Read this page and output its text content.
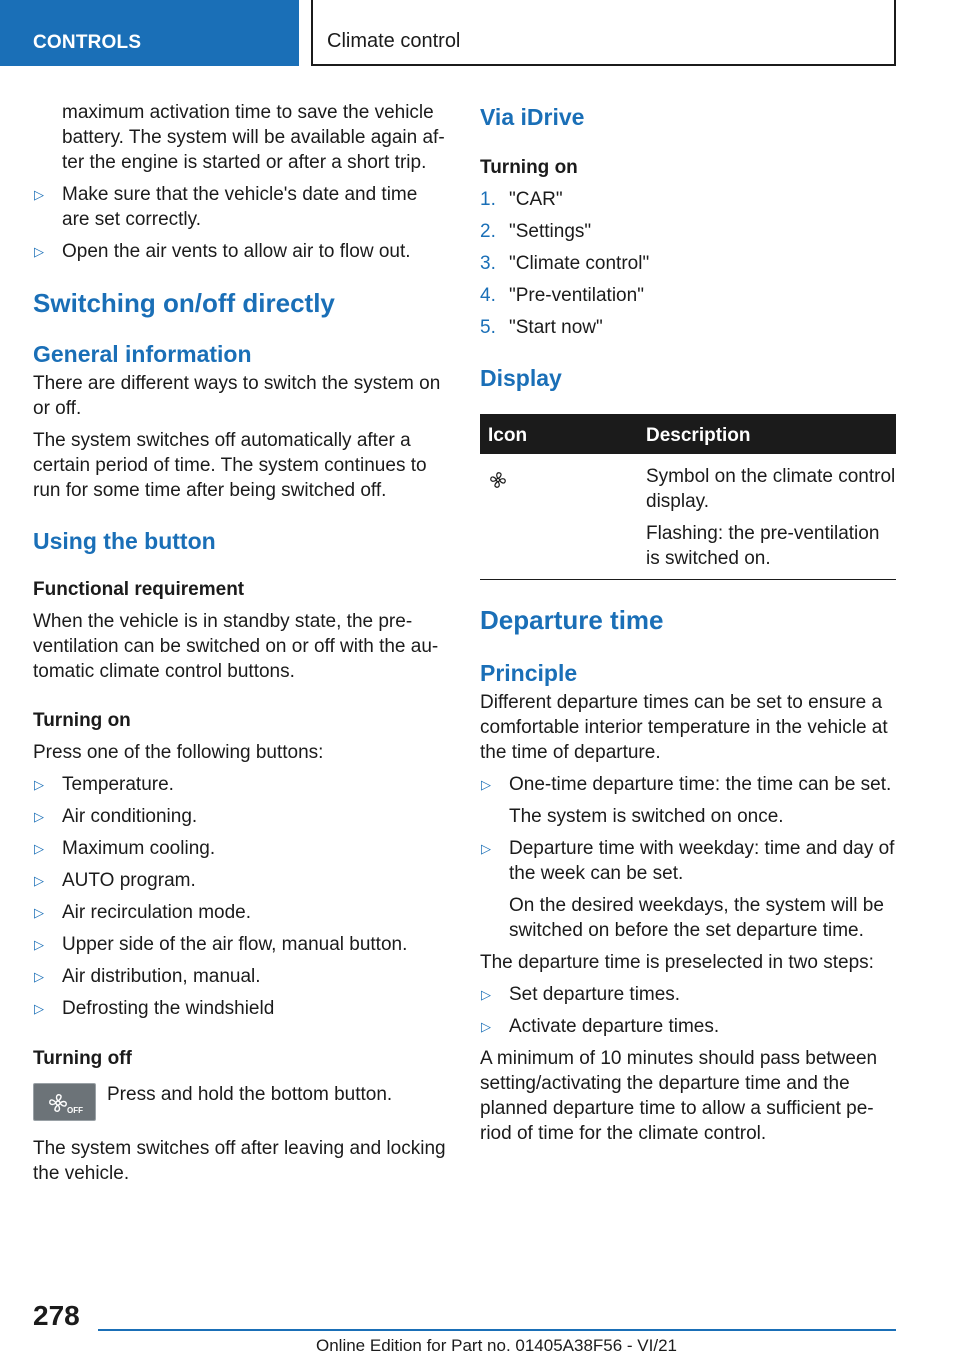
CONTROLS	Climate control

maximum activation time to save the vehicle battery. The system will be available again after the engine is started or after a short trip.

▷ Make sure that the vehicle's date and time are set correctly.
▷ Open the air vents to allow air to flow out.
Switching on/off directly
General information

There are different ways to switch the system on or off.

The system switches off automatically after a certain period of time. The system continues to run for some time after being switched off.

Using the button
Functional requirement

When the vehicle is in standby state, the preventilation can be switched on or off with the automatic climate control buttons.

Turning on

Press one of the following buttons:

▷ Temperature.
▷ Air conditioning.
▷ Maximum cooling.
▷ AUTO program.
▷ Air recirculation mode.
▷ Upper side of the air flow, manual button.
▷ Air distribution, manual.
▷ Defrosting the windshield
Turning off
OFF

Press and hold the bottom button.

The system switches off after leaving and locking the vehicle.

Via iDrive
Turning on
1. "CAR"
2. "Settings"
3. "Climate control"
4. "Pre-ventilation"
5. "Start now"
Display
Icon	Description

Symbol on the climate control display.

Flashing: the pre-ventilation is switched on.

Departure time
Principle

Different departure times can be set to ensure a comfortable interior temperature in the vehicle at the time of departure.

▷ One-time departure time: the time can be set.

The system is switched on once.

▷ Departure time with weekday: time and day of the week can be set.

On the desired weekdays, the system will be switched on before the set departure time.

The departure time is preselected in two steps:

▷ Set departure times.
▷ Activate departure times.

A minimum of 10 minutes should pass between setting/activating the departure time and the planned departure time to allow a sufficient period of time for the climate control.

278
Online Edition for Part no. 01405A38F56 - VI/21
